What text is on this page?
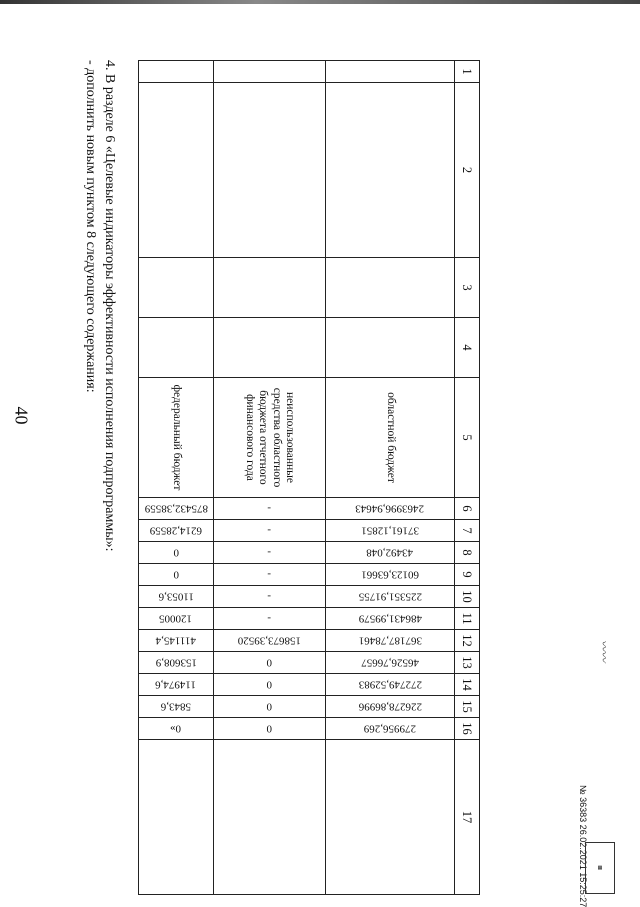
40
1	2	3	4	5	6	7	8	9	10	11	12	13	14	15	16	17
				областной бюджет	2463996,94643	37161,12851	43492,048	60123,63661	225351,91755	486431,99579	367187,78461	46526,76657	272749,52983	226278,86996	279956,269	
				неиспользованные средства областного бюджета отчетного финансового года	-	-	-	-	-	-	158673,39520	0	0	0	0	
				федеральный бюджет	875432,38559	6214,28559	0	0	11053,6	120005	411145,4	153608,9	114974,6	5843,6	0»	
4. В разделе 6 «Целевые индикаторы эффективности исполнения подпрограммы»:
- дополнить новым пунктом 8 следующего содержания:
№ 36383 26.02.2021 15:25:27	▦
〰〰
